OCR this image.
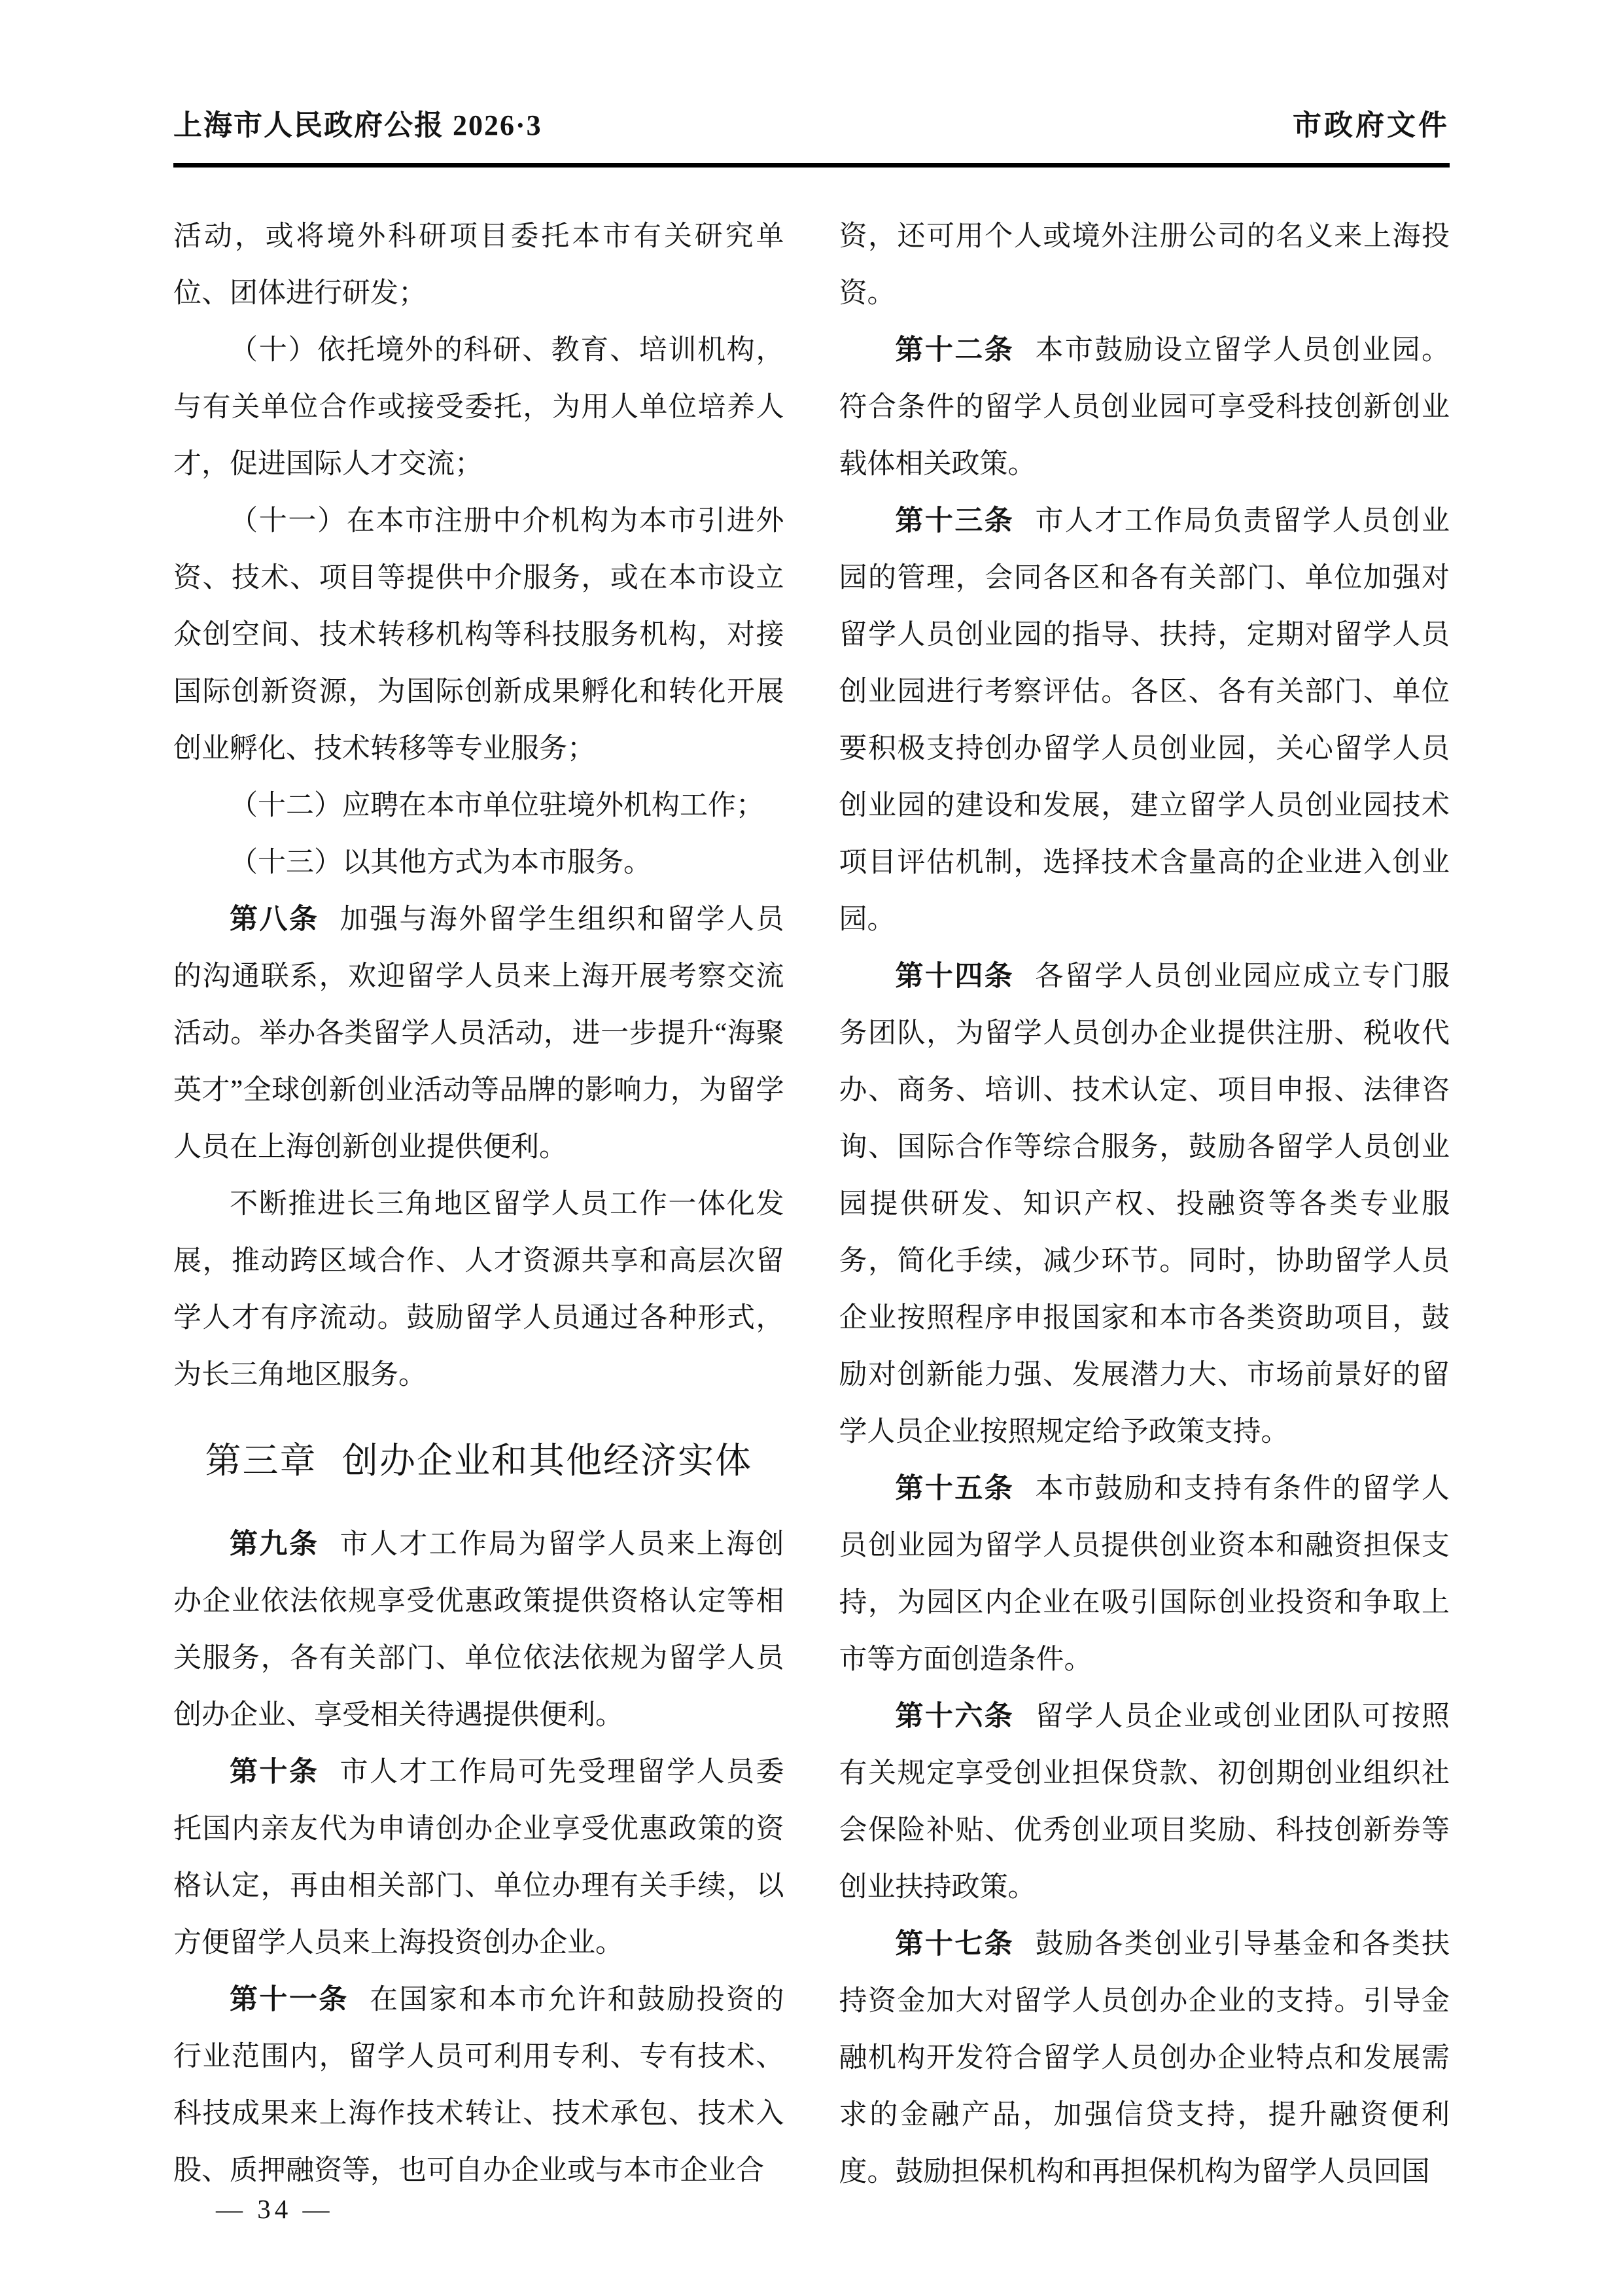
上海市人民政府公报 2026·3	市政府文件

活动，或将境外科研项目委托本市有关研究单位、团体进行研发；

（十）依托境外的科研、教育、培训机构，与有关单位合作或接受委托，为用人单位培养人才，促进国际人才交流；

（十一）在本市注册中介机构为本市引进外资、技术、项目等提供中介服务，或在本市设立众创空间、技术转移机构等科技服务机构，对接国际创新资源，为国际创新成果孵化和转化开展创业孵化、技术转移等专业服务；

（十二）应聘在本市单位驻境外机构工作；

（十三）以其他方式为本市服务。

第八条 加强与海外留学生组织和留学人员的沟通联系，欢迎留学人员来上海开展考察交流活动。举办各类留学人员活动，进一步提升“海聚英才”全球创新创业活动等品牌的影响力，为留学人员在上海创新创业提供便利。

不断推进长三角地区留学人员工作一体化发展，推动跨区域合作、人才资源共享和高层次留学人才有序流动。鼓励留学人员通过各种形式，为长三角地区服务。

第三章 创办企业和其他经济实体

第九条 市人才工作局为留学人员来上海创办企业依法依规享受优惠政策提供资格认定等相关服务，各有关部门、单位依法依规为留学人员创办企业、享受相关待遇提供便利。

第十条 市人才工作局可先受理留学人员委托国内亲友代为申请创办企业享受优惠政策的资格认定，再由相关部门、单位办理有关手续，以方便留学人员来上海投资创办企业。

第十一条 在国家和本市允许和鼓励投资的行业范围内，留学人员可利用专利、专有技术、科技成果来上海作技术转让、技术承包、技术入股、质押融资等，也可自办企业或与本市企业合

资，还可用个人或境外注册公司的名义来上海投资。

第十二条 本市鼓励设立留学人员创业园。符合条件的留学人员创业园可享受科技创新创业载体相关政策。

第十三条 市人才工作局负责留学人员创业园的管理，会同各区和各有关部门、单位加强对留学人员创业园的指导、扶持，定期对留学人员创业园进行考察评估。各区、各有关部门、单位要积极支持创办留学人员创业园，关心留学人员创业园的建设和发展，建立留学人员创业园技术项目评估机制，选择技术含量高的企业进入创业园。

第十四条 各留学人员创业园应成立专门服务团队，为留学人员创办企业提供注册、税收代办、商务、培训、技术认定、项目申报、法律咨询、国际合作等综合服务，鼓励各留学人员创业园提供研发、知识产权、投融资等各类专业服务，简化手续，减少环节。同时，协助留学人员企业按照程序申报国家和本市各类资助项目，鼓励对创新能力强、发展潜力大、市场前景好的留学人员企业按照规定给予政策支持。

第十五条 本市鼓励和支持有条件的留学人员创业园为留学人员提供创业资本和融资担保支持，为园区内企业在吸引国际创业投资和争取上市等方面创造条件。

第十六条 留学人员企业或创业团队可按照有关规定享受创业担保贷款、初创期创业组织社会保险补贴、优秀创业项目奖励、科技创新券等创业扶持政策。

第十七条 鼓励各类创业引导基金和各类扶持资金加大对留学人员创办企业的支持。引导金融机构开发符合留学人员创办企业特点和发展需求的金融产品，加强信贷支持，提升融资便利度。鼓励担保机构和再担保机构为留学人员回国

— 34 —
